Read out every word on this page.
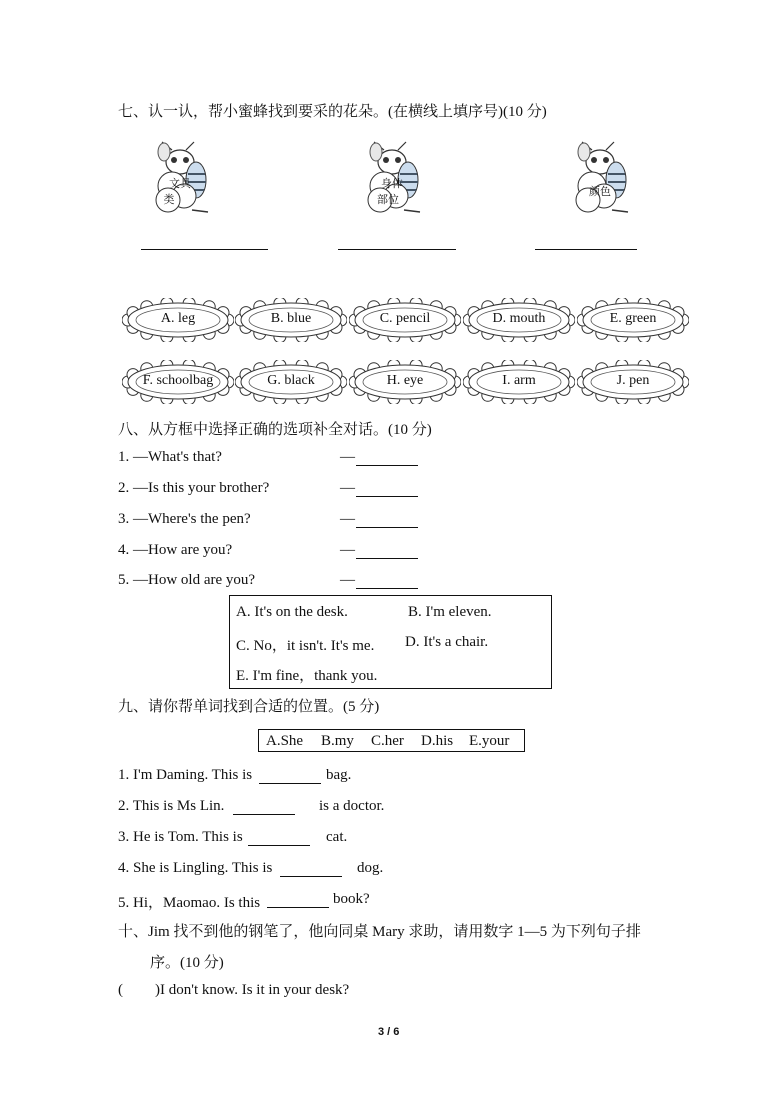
七、认一认，帮小蜜蜂找到要采的花朵。(在横线上填序号)(10 分)
文具
类
身体
部位
颜色
A. leg	B. blue	C. pencil	D. mouth	E. green
F. schoolbag	G. black	H. eye	I. arm	J. pen
八、从方框中选择正确的选项补全对话。(10 分)
1. —What's that?
2. —Is this your brother?
3. —Where's the pen?
4. —How are you?
5. —How old are you?
—
—
—
—
—
A. It's on the desk.	B. I'm eleven.
C. No，it isn't. It's me. D. It's a chair.
E. I'm fine，thank you.
九、请你帮单词找到合适的位置。(5 分)
A.She B.my C.her D.his E.your
1. I'm Daming. This is	bag.
2. This is Ms Lin.	is a doctor.
3. He is Tom. This is	cat.
4. She is Lingling. This is	dog.
5. Hi，Maomao. Is this	book?
十、Jim 找不到他的钢笔了，他向同桌 Mary 求助，请用数字 1—5 为下列句子排
序。(10 分)
( )I don't know. Is it in your desk?
3 / 6
